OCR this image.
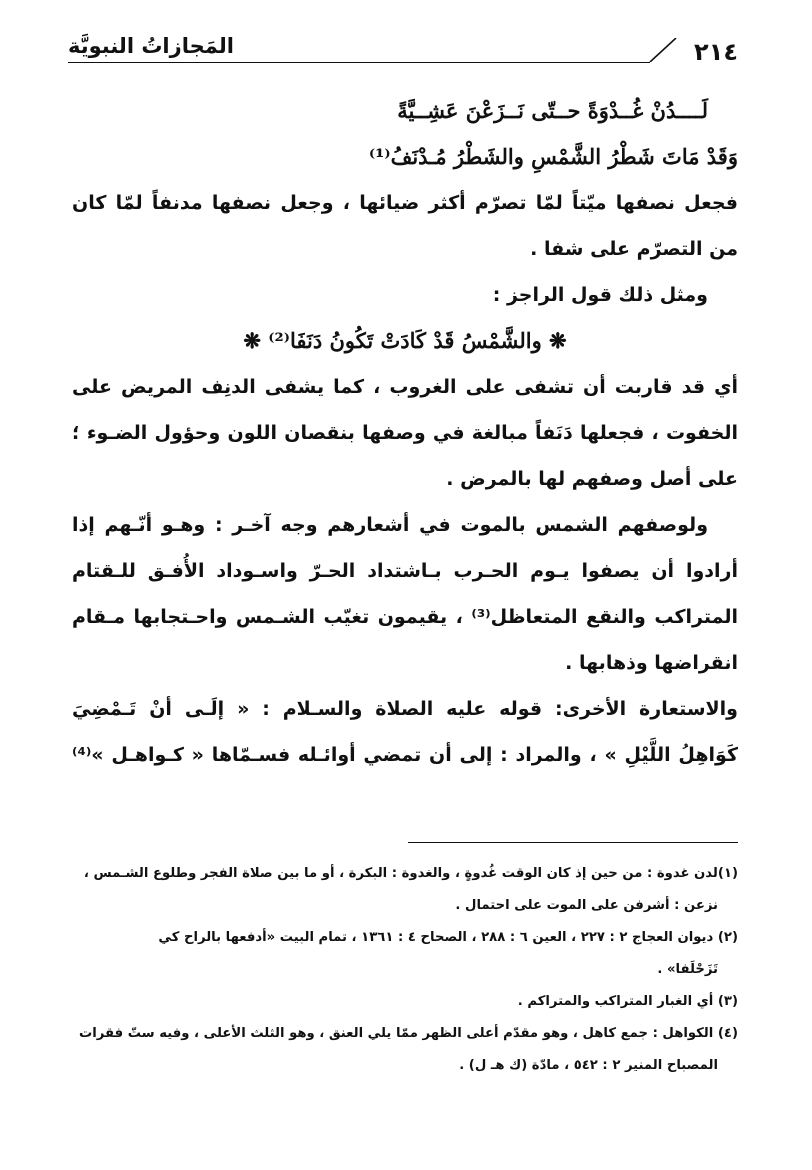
٢١٤
المَجازاتُ النبويَّة
لَــــدُنْ غُــدْوَةً حــتّى نَــزَعْنَ عَشِــيَّةً
وَقَدْ مَاتَ شَطْرُ الشَّمْسِ والشَطْرُ مُـدْنَفُ⁽¹⁾
فجعل نصفها ميّتاً لمّا تصرّم أكثر ضيائها ، وجعل نصفها مدنفاً لمّا كان
من التصرّم على شفا .
ومثل ذلك قول الراجز :
❋ والشَّمْسُ قَدْ كَادَتْ تَكُونُ دَنَفَا⁽²⁾ ❋
أي قد قاربت أن تشفى على الغروب ، كما يشفى الدنِف المريض على
الخفوت ، فجعلها دَنَفاً مبالغة في وصفها بنقصان اللون وحؤول الضـوء ؛
على أصل وصفهم لها بالمرض .
ولوصفهم الشمس بالموت في أشعارهم وجه آخـر : وهـو أنّـهم إذا
أرادوا أن يصفوا يـوم الحـرب بـاشتداد الحـرّ واسـوداد الأُفـق للـقتام
المتراكب والنقع المتعاظل⁽³⁾ ، يقيمون تغيّب الشـمس واحـتجابها مـقام
انقراضها وذهابها .
والاستعارة الأخرى: قوله عليه الصلاة والسـلام : « إلَـى أنْ تَـمْضِيَ
كَوَاهِلُ اللَّيْلِ » ، والمراد : إلى أن تمضي أوائـله فسـمّاها « كـواهـل »⁽⁴⁾
(١)لدن غدوة : من حين إذ كان الوقت غُدوةٍ ، والغدوة : البكرة ، أو ما بين صلاة الفجر وطلوع الشـمس ،
نزعن : أشرفن على الموت على احتمال .
(٢) ديوان العجاج ٢ : ٢٢٧ ، العين ٦ : ٢٨٨ ، الصحاح ٤ : ١٣٦١ ، تمام البيت «أدفعها بالراح كي
تَزَحْلَفا» .
(٣) أي الغبار المتراكب والمتراكم .
(٤) الكواهل : جمع كاهل ، وهو مقدّم أعلى الظهر ممّا يلي العنق ، وهو الثلث الأعلى ، وفيه ستّ فقرات
المصباح المنير ٢ : ٥٤٢ ، مادّة (ك هـ ل) .
